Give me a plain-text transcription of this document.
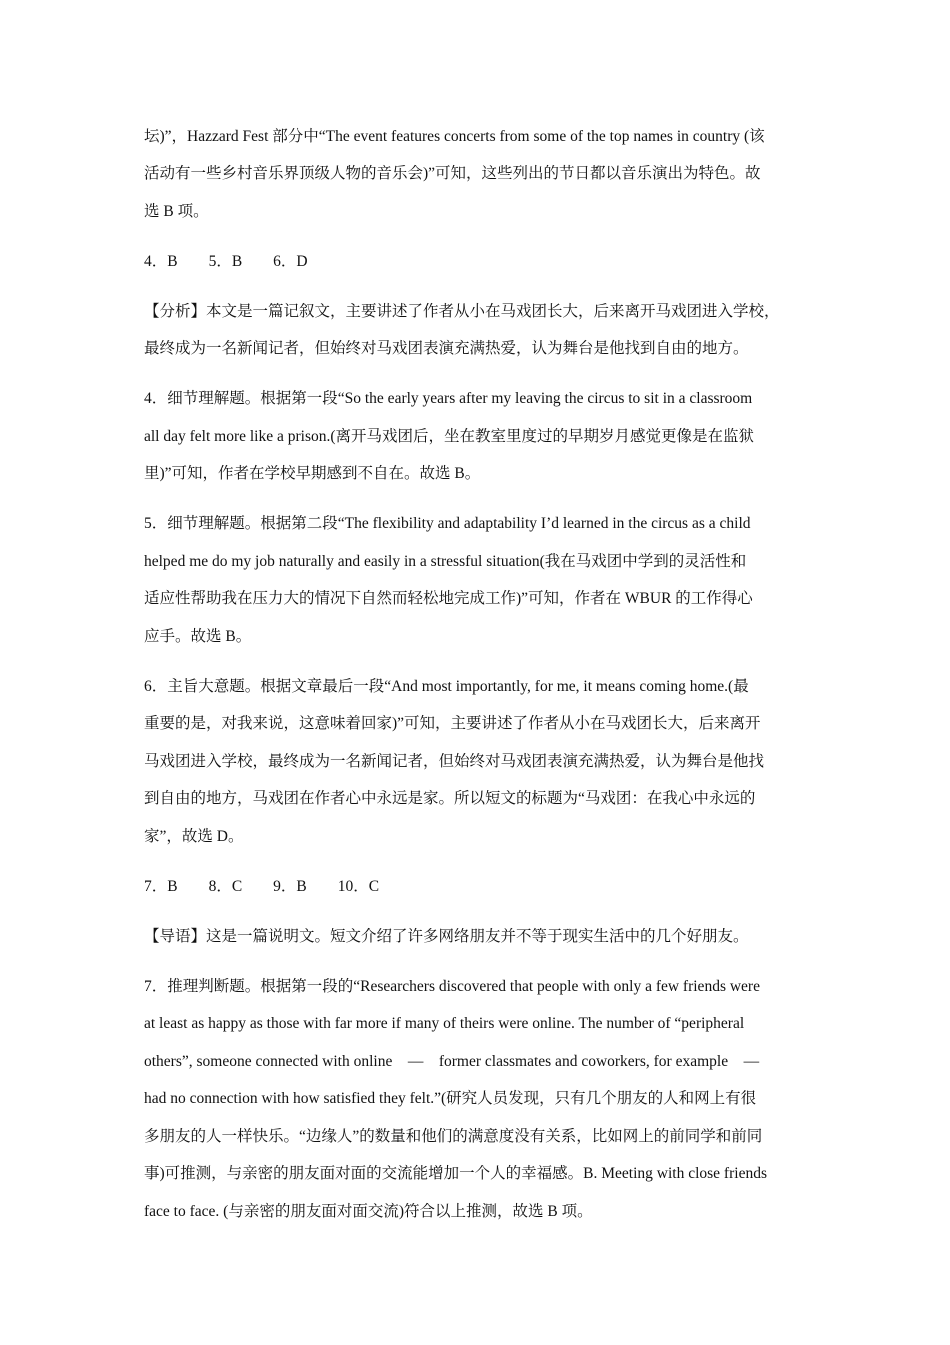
坛)”，Hazzard Fest 部分中“The event features concerts from some of the top names in country (该
活动有一些乡村音乐界顶级人物的音乐会)”可知，这些列出的节日都以音乐演出为特色。故
选 B 项。
4．B　　5．B　　6．D
【分析】本文是一篇记叙文，主要讲述了作者从小在马戏团长大，后来离开马戏团进入学校，
最终成为一名新闻记者，但始终对马戏团表演充满热爱，认为舞台是他找到自由的地方。
4．细节理解题。根据第一段“So the early years after my leaving the circus to sit in a classroom
all day felt more like a prison.(离开马戏团后，坐在教室里度过的早期岁月感觉更像是在监狱
里)”可知，作者在学校早期感到不自在。故选 B。
5．细节理解题。根据第二段“The flexibility and adaptability I’d learned in the circus as a child
helped me do my job naturally and easily in a stressful situation(我在马戏团中学到的灵活性和
适应性帮助我在压力大的情况下自然而轻松地完成工作)”可知，作者在 WBUR 的工作得心
应手。故选 B。
6．主旨大意题。根据文章最后一段“And most importantly, for me, it means coming home.(最
重要的是，对我来说，这意味着回家)”可知，主要讲述了作者从小在马戏团长大，后来离开
马戏团进入学校，最终成为一名新闻记者，但始终对马戏团表演充满热爱，认为舞台是他找
到自由的地方，马戏团在作者心中永远是家。所以短文的标题为“马戏团：在我心中永远的
家”，故选 D。
7．B　　8．C　　9．B　　10．C
【导语】这是一篇说明文。短文介绍了许多网络朋友并不等于现实生活中的几个好朋友。
7．推理判断题。根据第一段的“Researchers discovered that people with only a few friends were
at least as happy as those with far more if many of theirs were online. The number of “peripheral
others”, someone connected with online　—　former classmates and coworkers, for example　—
had no connection with how satisfied they felt.”(研究人员发现，只有几个朋友的人和网上有很
多朋友的人一样快乐。“边缘人”的数量和他们的满意度没有关系，比如网上的前同学和前同
事)可推测，与亲密的朋友面对面的交流能增加一个人的幸福感。B. Meeting with close friends
face to face. (与亲密的朋友面对面交流)符合以上推测，故选 B 项。
